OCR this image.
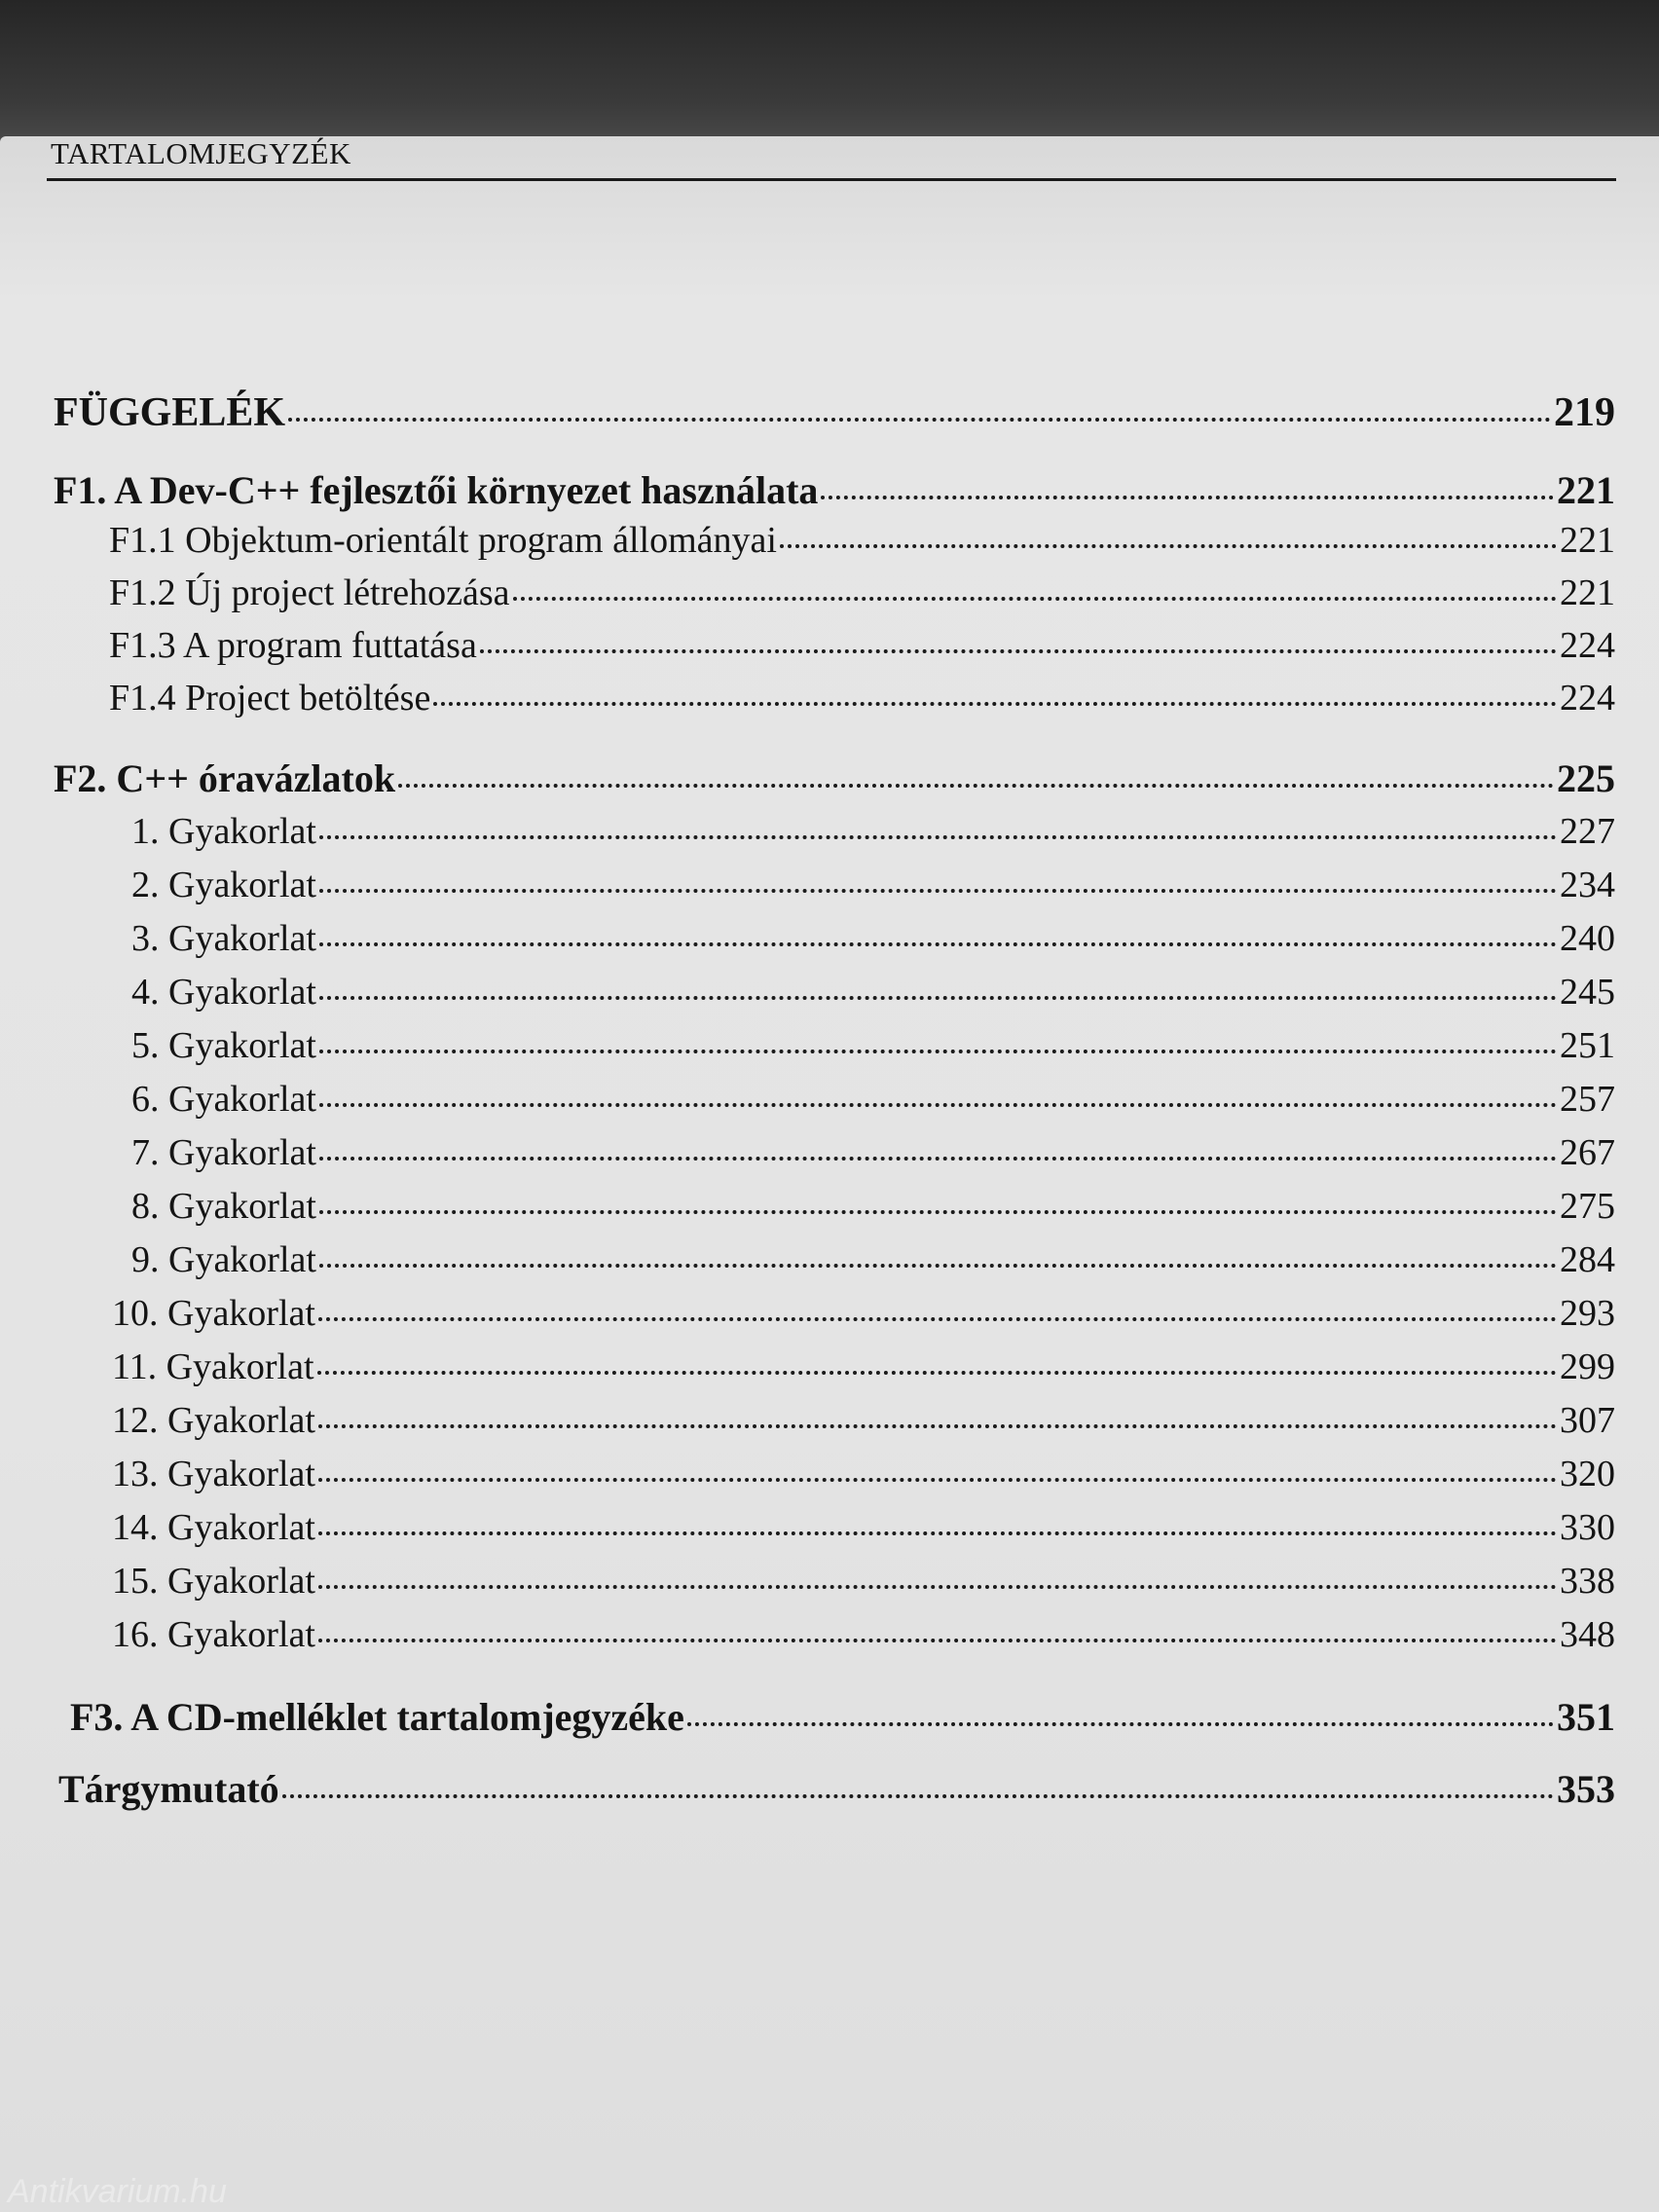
TARTALOMJEGYZÉK
FÜGGELÉK	219
F1. A Dev-C++ fejlesztői környezet használata	221
F1.1 Objektum-orientált program állományai	221
F1.2 Új project létrehozása	221
F1.3 A program futtatása	224
F1.4 Project betöltése	224
F2. C++ óravázlatok	225
1. Gyakorlat	227
2. Gyakorlat	234
3. Gyakorlat	240
4. Gyakorlat	245
5. Gyakorlat	251
6. Gyakorlat	257
7. Gyakorlat	267
8. Gyakorlat	275
9. Gyakorlat	284
10. Gyakorlat	293
11. Gyakorlat	299
12. Gyakorlat	307
13. Gyakorlat	320
14. Gyakorlat	330
15. Gyakorlat	338
16. Gyakorlat	348
F3. A CD-melléklet tartalomjegyzéke	351
Tárgymutató	353
Antikvarium.hu
